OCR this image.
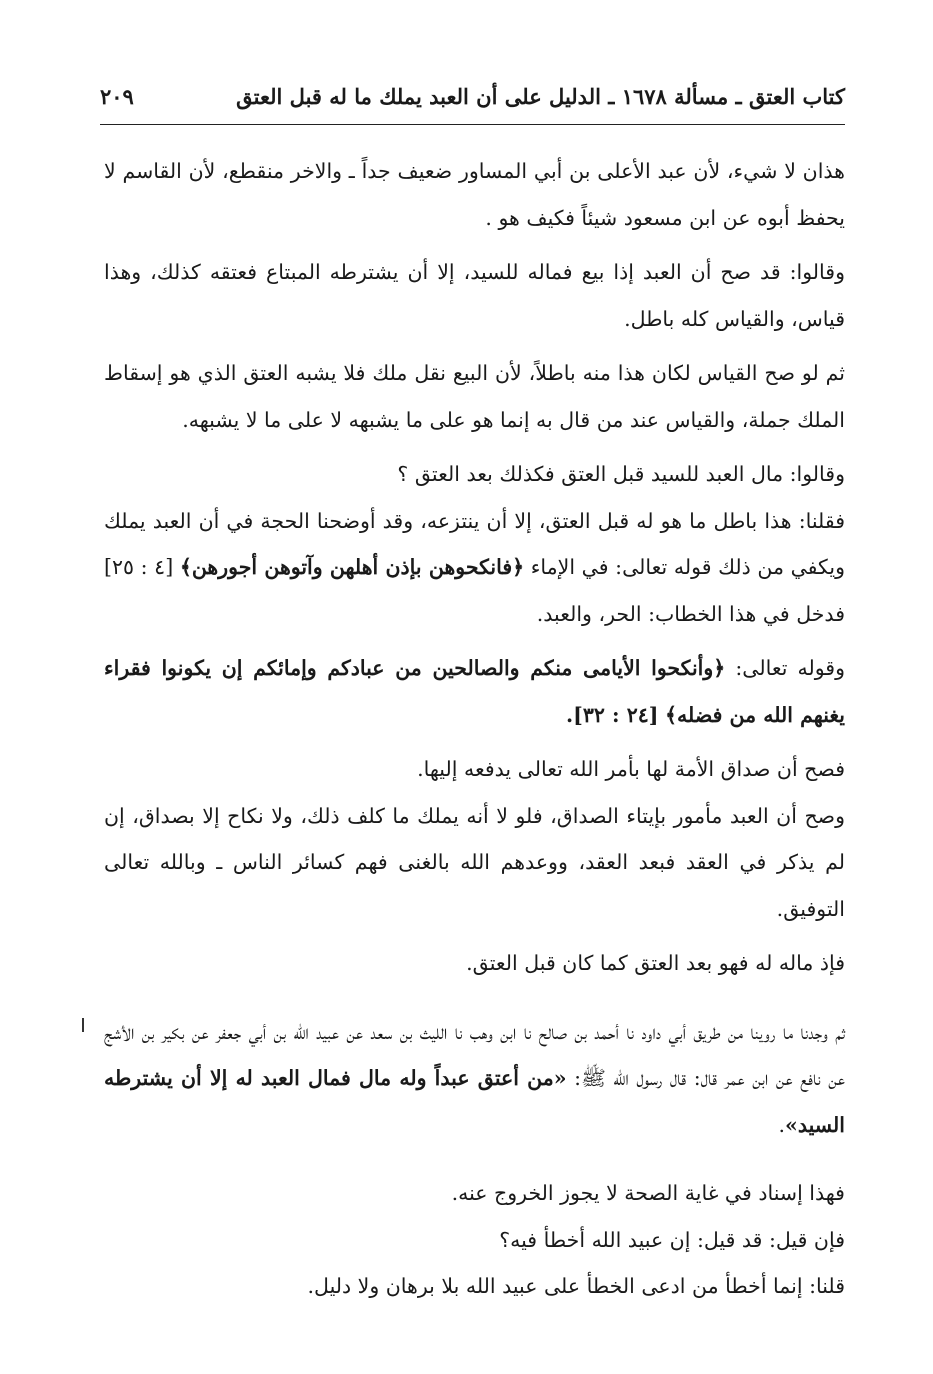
كتاب العتق ـ مسألة ١٦٧٨ ـ الدليل على أن العبد يملك ما له قبل العتق
٢٠٩

هذان لا شيء، لأن عبد الأعلى بن أبي المساور ضعيف جداً ـ والاخر منقطع، لأن القاسم لا يحفظ أبوه عن ابن مسعود شيئاً فكيف هو .

وقالوا: قد صح أن العبد إذا بيع فماله للسيد، إلا أن يشترطه المبتاع فعتقه كذلك، وهذا قياس، والقياس كله باطل.

ثم لو صح القياس لكان هذا منه باطلاً، لأن البيع نقل ملك فلا يشبه العتق الذي هو إسقاط الملك جملة، والقياس عند من قال به إنما هو على ما يشبهه لا على ما لا يشبهه.

وقالوا: مال العبد للسيد قبل العتق فكذلك بعد العتق ؟

فقلنا: هذا باطل ما هو له قبل العتق، إلا أن ينتزعه، وقد أوضحنا الحجة في أن العبد يملك ويكفي من ذلك قوله تعالى: في الإماء ﴿فانكحوهن بإذن أهلهن وآتوهن أجورهن﴾ [٤ : ٢٥] فدخل في هذا الخطاب: الحر، والعبد.

وقوله تعالى: ﴿وأنكحوا الأيامى منكم والصالحين من عبادكم وإمائكم إن يكونوا فقراء يغنهم الله من فضله﴾ [٢٤ : ٣٢].

فصح أن صداق الأمة لها بأمر الله تعالى يدفعه إليها.

وصح أن العبد مأمور بإيتاء الصداق، فلو لا أنه يملك ما كلف ذلك، ولا نكاح إلا بصداق، إن لم يذكر في العقد فبعد العقد، ووعدهم الله بالغنى فهم كسائر الناس ـ وبالله تعالى التوفيق.

فإذ ماله له فهو بعد العتق كما كان قبل العتق.

ثم وجدنا ما روينا من طريق أبي داود نا أحمد بن صالح نا ابن وهب نا الليث بن سعد عن عبيد الله بن أبي جعفر عن بكير بن الأشج عن نافع عن ابن عمر قال: قال رسول الله ﷺ: «من أعتق عبداً وله مال فمال العبد له إلا أن يشترطه السيد».

فهذا إسناد في غاية الصحة لا يجوز الخروج عنه.

فإن قيل: قد قيل: إن عبيد الله أخطأ فيه؟

قلنا: إنما أخطأ من ادعى الخطأ على عبيد الله بلا برهان ولا دليل.
